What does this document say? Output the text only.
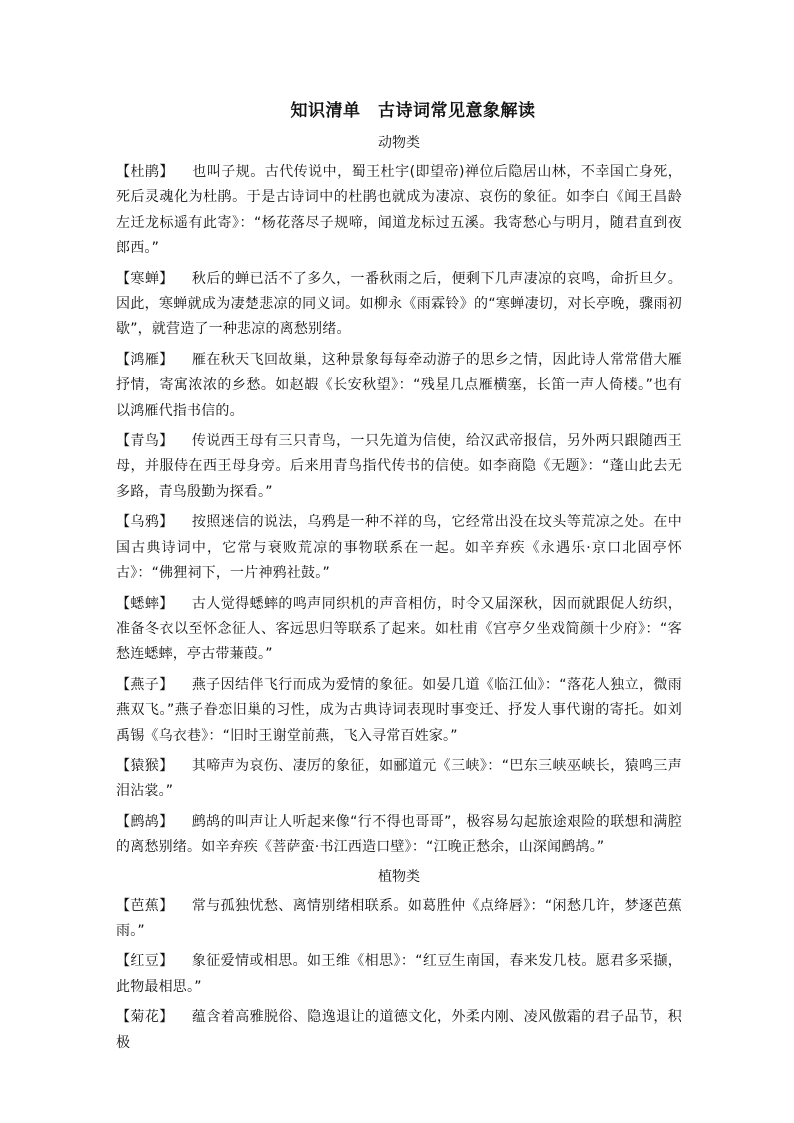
知识清单　古诗词常见意象解读
动物类

【杜鹃】 也叫子规。古代传说中，蜀王杜宇(即望帝)禅位后隐居山林，不幸国亡身死，死后灵魂化为杜鹃。于是古诗词中的杜鹃也就成为凄凉、哀伤的象征。如李白《闻王昌龄左迁龙标遥有此寄》：“杨花落尽子规啼，闻道龙标过五溪。我寄愁心与明月，随君直到夜郎西。”

【寒蝉】 秋后的蝉已活不了多久，一番秋雨之后，便剩下几声凄凉的哀鸣，命折旦夕。因此，寒蝉就成为凄楚悲凉的同义词。如柳永《雨霖铃》的“寒蝉凄切，对长亭晚，骤雨初歇”，就营造了一种悲凉的离愁别绪。

【鸿雁】 雁在秋天飞回故巢，这种景象每每牵动游子的思乡之情，因此诗人常常借大雁抒情，寄寓浓浓的乡愁。如赵嘏《长安秋望》：“残星几点雁横塞，长笛一声人倚楼。”也有以鸿雁代指书信的。

【青鸟】 传说西王母有三只青鸟，一只先道为信使，给汉武帝报信，另外两只跟随西王母，并服侍在西王母身旁。后来用青鸟指代传书的信使。如李商隐《无题》：“蓬山此去无多路，青鸟殷勤为探看。”

【乌鸦】 按照迷信的说法，乌鸦是一种不祥的鸟，它经常出没在坟头等荒凉之处。在中国古典诗词中，它常与衰败荒凉的事物联系在一起。如辛弃疾《永遇乐·京口北固亭怀古》：“佛狸祠下，一片神鸦社鼓。”

【蟋蟀】 古人觉得蟋蟀的鸣声同织机的声音相仿，时令又届深秋，因而就跟促人纺织，准备冬衣以至怀念征人、客远思归等联系了起来。如杜甫《宫亭夕坐戏简颜十少府》：“客愁连蟋蟀，亭古带蒹葭。”

【燕子】 燕子因结伴飞行而成为爱情的象征。如晏几道《临江仙》：“落花人独立，微雨燕双飞。”燕子眷恋旧巢的习性，成为古典诗词表现时事变迁、抒发人事代谢的寄托。如刘禹锡《乌衣巷》：“旧时王谢堂前燕，飞入寻常百姓家。”

【猿猴】 其啼声为哀伤、凄厉的象征，如郦道元《三峡》：“巴东三峡巫峡长，猿鸣三声泪沾裳。”

【鹧鸪】 鹧鸪的叫声让人听起来像“行不得也哥哥”，极容易勾起旅途艰险的联想和满腔的离愁别绪。如辛弃疾《菩萨蛮·书江西造口壁》：“江晚正愁余，山深闻鹧鸪。”

植物类

【芭蕉】 常与孤独忧愁、离情别绪相联系。如葛胜仲《点绛唇》：“闲愁几许，梦逐芭蕉雨。”

【红豆】 象征爱情或相思。如王维《相思》：“红豆生南国，春来发几枝。愿君多采撷，此物最相思。”

【菊花】 蕴含着高雅脱俗、隐逸退让的道德文化，外柔内刚、凌风傲霜的君子品节，积极
